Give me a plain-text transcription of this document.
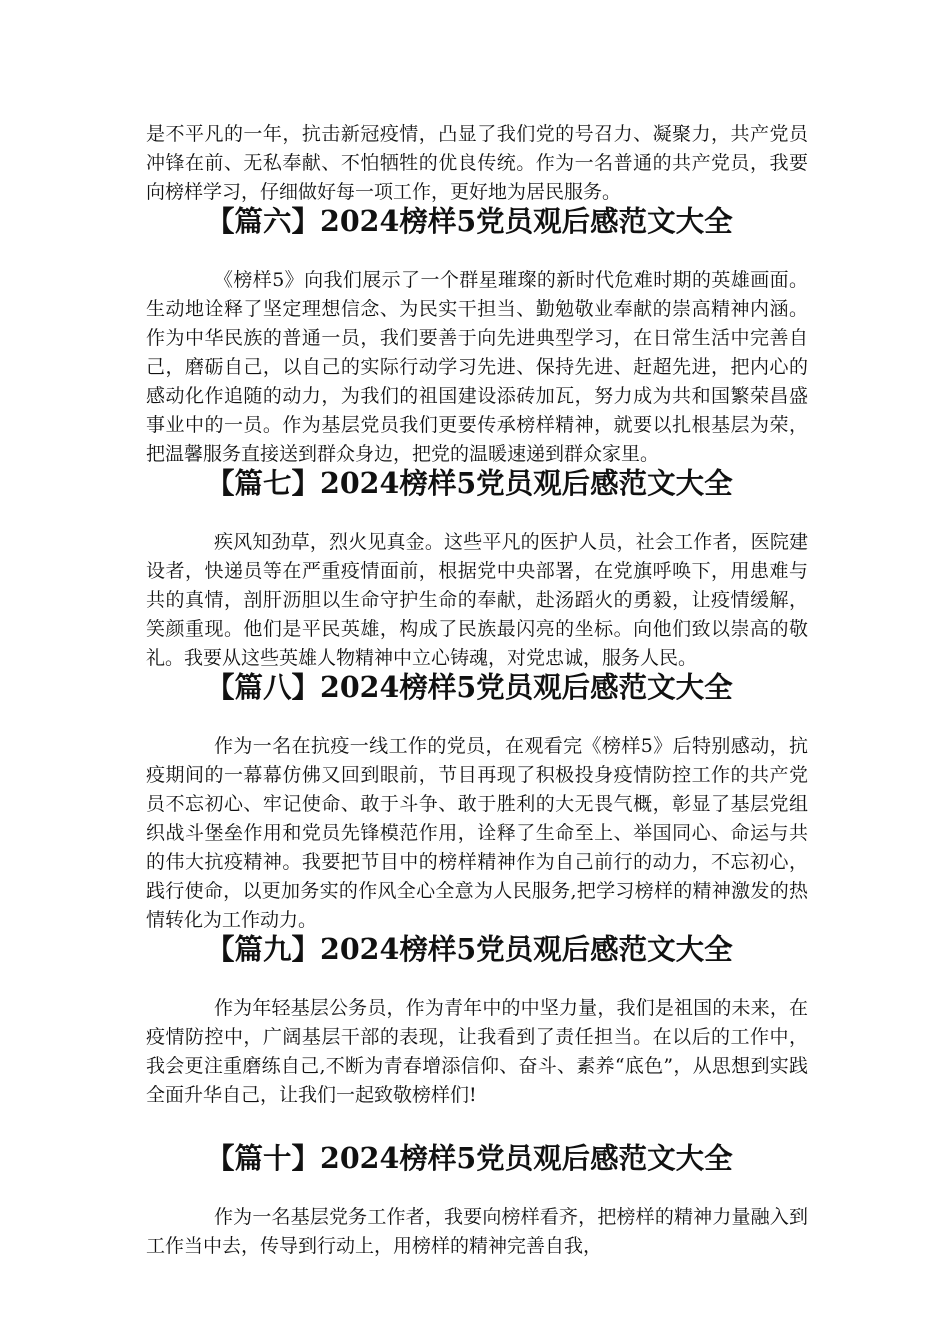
是不平凡的一年，抗击新冠疫情，凸显了我们党的号召力、凝聚力，共产党员冲锋在前、无私奉献、不怕牺牲的优良传统。作为一名普通的共产党员，我要向榜样学习，仔细做好每一项工作，更好地为居民服务。

【篇六】2024榜样5党员观后感范文大全

《榜样5》向我们展示了一个群星璀璨的新时代危难时期的英雄画面。生动地诠释了坚定理想信念、为民实干担当、勤勉敬业奉献的崇高精神内涵。作为中华民族的普通一员，我们要善于向先进典型学习，在日常生活中完善自己，磨砺自己，以自己的实际行动学习先进、保持先进、赶超先进，把内心的感动化作追随的动力，为我们的祖国建设添砖加瓦，努力成为共和国繁荣昌盛事业中的一员。作为基层党员我们更要传承榜样精神，就要以扎根基层为荣，把温馨服务直接送到群众身边，把党的温暖速递到群众家里。

【篇七】2024榜样5党员观后感范文大全

疾风知劲草，烈火见真金。这些平凡的医护人员，社会工作者，医院建设者，快递员等在严重疫情面前，根据党中央部署，在党旗呼唤下，用患难与共的真情，剖肝沥胆以生命守护生命的奉献，赴汤蹈火的勇毅，让疫情缓解，笑颜重现。他们是平民英雄，构成了民族最闪亮的坐标。向他们致以崇高的敬礼。我要从这些英雄人物精神中立心铸魂，对党忠诚，服务人民。

【篇八】2024榜样5党员观后感范文大全

作为一名在抗疫一线工作的党员，在观看完《榜样5》后特别感动，抗疫期间的一幕幕仿佛又回到眼前，节目再现了积极投身疫情防控工作的共产党员不忘初心、牢记使命、敢于斗争、敢于胜利的大无畏气概，彰显了基层党组织战斗堡垒作用和党员先锋模范作用，诠释了生命至上、举国同心、命运与共的伟大抗疫精神。我要把节目中的榜样精神作为自己前行的动力，不忘初心，践行使命，以更加务实的作风全心全意为人民服务,把学习榜样的精神激发的热情转化为工作动力。

【篇九】2024榜样5党员观后感范文大全

作为年轻基层公务员，作为青年中的中坚力量，我们是祖国的未来，在疫情防控中，广阔基层干部的表现，让我看到了责任担当。在以后的工作中，我会更注重磨练自己,不断为青春增添信仰、奋斗、素养“底色”，从思想到实践全面升华自己，让我们一起致敬榜样们!

【篇十】2024榜样5党员观后感范文大全

作为一名基层党务工作者，我要向榜样看齐，把榜样的精神力量融入到工作当中去，传导到行动上，用榜样的精神完善自我，
